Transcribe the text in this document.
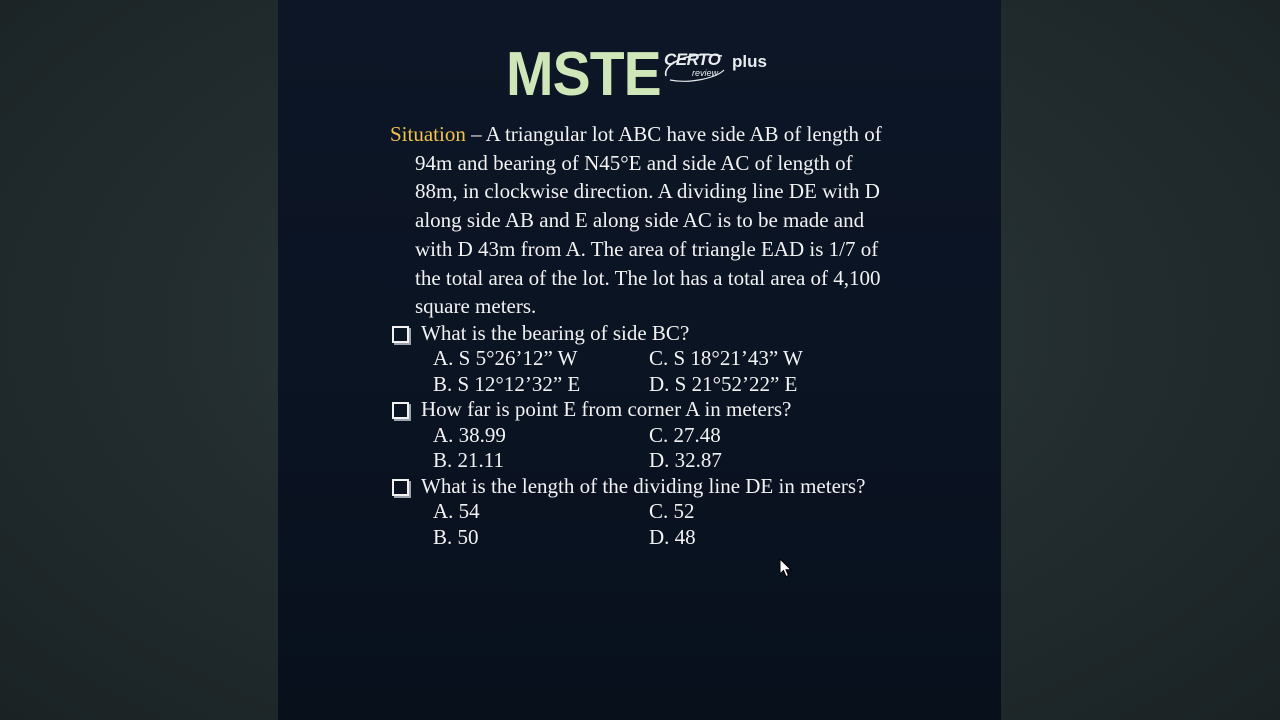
MSTE CERTO
review
plus

Situation – A triangular lot ABC have side AB of length of 94m and bearing of N45°E and side AC of length of 88m, in clockwise direction. A dividing line DE with D along side AB and E along side AC is to be made and with D 43m from A. The area of triangle EAD is 1/7 of the total area of the lot. The lot has a total area of 4,100 square meters.

What is the bearing of side BC?
A. S 5°26’12” W	C. S 18°21’43” W
B. S 12°12’32” E	D. S 21°52’22” E
How far is point E from corner A in meters?
A. 38.99	C. 27.48
B. 21.11	D. 32.87
What is the length of the dividing line DE in meters?
A. 54	C. 52
B. 50	D. 48
